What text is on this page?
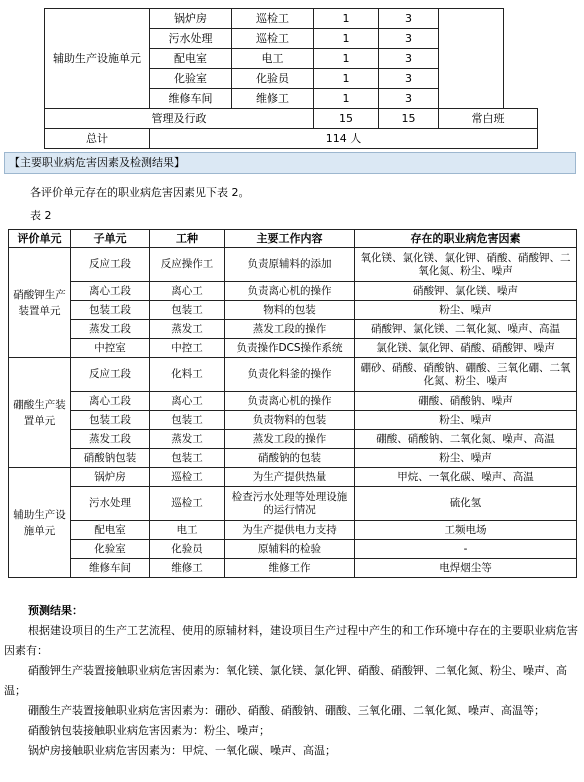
辅助生产设施单元	锅炉房	巡检工	1	3		
	污水处理	巡检工	1	3		
	配电室	电工	1	3		
	化验室	化验员	1	3		
	维修车间	维修工	1	3		
管理及行政			15	15	常白班	
总计	114 人					
【主要职业病危害因素及检测结果】
各评价单元存在的职业病危害因素见下表 2。
表 2
评价单元	子单元	工种	主要工作内容	存在的职业病危害因素
硝酸钾生产装置单元	反应工段	反应操作工	负责原辅料的添加	氧化镁、氯化镁、氯化钾、硝酸、硝酸钾、二氧化氮、粉尘、噪声
	离心工段	离心工	负责离心机的操作	硝酸钾、氯化镁、噪声
	包装工段	包装工	物料的包装	粉尘、噪声
	蒸发工段	蒸发工	蒸发工段的操作	硝酸钾、氯化镁、二氧化氮、噪声、高温
	中控室	中控工	负责操作DCS操作系统	氯化镁、氯化钾、硝酸、硝酸钾、噪声
硼酸生产装置单元	反应工段	化料工	负责化料釜的操作	硼砂、硝酸、硝酸钠、硼酸、三氧化硼、二氧化氮、粉尘、噪声
	离心工段	离心工	负责离心机的操作	硼酸、硝酸钠、噪声
	包装工段	包装工	负责物料的包装	粉尘、噪声
	蒸发工段	蒸发工	蒸发工段的操作	硼酸、硝酸钠、二氧化氮、噪声、高温
	硝酸钠包装	包装工	硝酸钠的包装	粉尘、噪声
辅助生产设施单元	锅炉房	巡检工	为生产提供热量	甲烷、一氧化碳、噪声、高温
	污水处理	巡检工	检查污水处理等处理设施的运行情况	硫化氢
	配电室	电工	为生产提供电力支持	工频电场
	化验室	化验员	原辅料的检验	-
	维修车间	维修工	维修工作	电焊烟尘等
预测结果：
根据建设项目的生产工艺流程、使用的原辅材料，建设项目生产过程中产生的和工作环境中存在的主要职业病危害因素有：
硝酸钾生产装置接触职业病危害因素为：氧化镁、氯化镁、氯化钾、硝酸、硝酸钾、二氧化氮、粉尘、噪声、高温；
硼酸生产装置接触职业病危害因素为：硼砂、硝酸、硝酸钠、硼酸、三氧化硼、二氧化氮、噪声、高温等；
硝酸钠包装接触职业病危害因素为：粉尘、噪声；
锅炉房接触职业病危害因素为：甲烷、一氧化碳、噪声、高温；
